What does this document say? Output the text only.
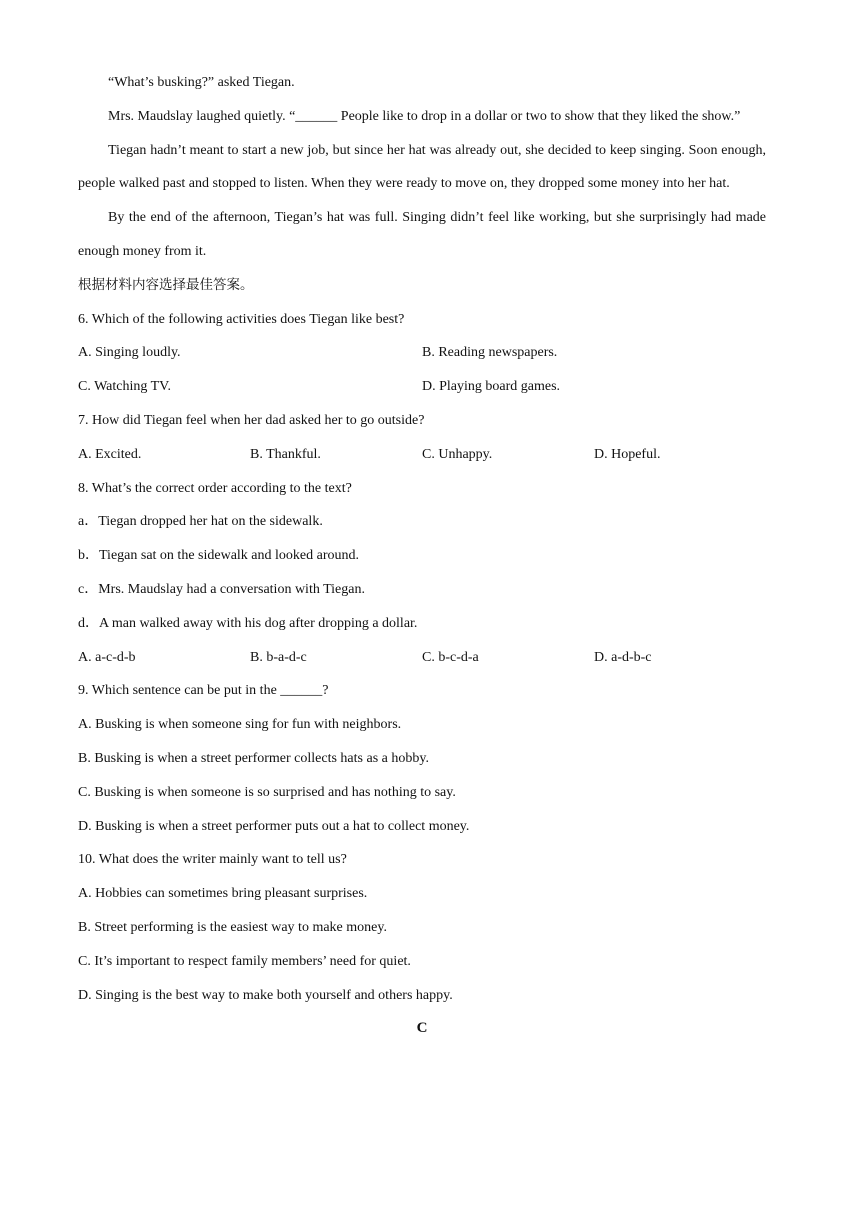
“What’s busking?” asked Tiegan.
Mrs. Maudslay laughed quietly. “______ People like to drop in a dollar or two to show that they liked the show.”
Tiegan hadn’t meant to start a new job, but since her hat was already out, she decided to keep singing. Soon enough, people walked past and stopped to listen. When they were ready to move on, they dropped some money into her hat.
By the end of the afternoon, Tiegan’s hat was full. Singing didn’t feel like working, but she surprisingly had made enough money from it.
根据材料内容选择最佳答案。
6. Which of the following activities does Tiegan like best?
A. Singing loudly.	B. Reading newspapers.
C. Watching TV.	D. Playing board games.
7. How did Tiegan feel when her dad asked her to go outside?
A. Excited.	B. Thankful.	C. Unhappy.	D. Hopeful.
8. What’s the correct order according to the text?
a．Tiegan dropped her hat on the sidewalk.
b．Tiegan sat on the sidewalk and looked around.
c．Mrs. Maudslay had a conversation with Tiegan.
d．A man walked away with his dog after dropping a dollar.
A. a-c-d-b	B. b-a-d-c	C. b-c-d-a	D. a-d-b-c
9. Which sentence can be put in the ______?
A. Busking is when someone sing for fun with neighbors.
B. Busking is when a street performer collects hats as a hobby.
C. Busking is when someone is so surprised and has nothing to say.
D. Busking is when a street performer puts out a hat to collect money.
10. What does the writer mainly want to tell us?
A. Hobbies can sometimes bring pleasant surprises.
B. Street performing is the easiest way to make money.
C. It’s important to respect family members’ need for quiet.
D. Singing is the best way to make both yourself and others happy.
C
